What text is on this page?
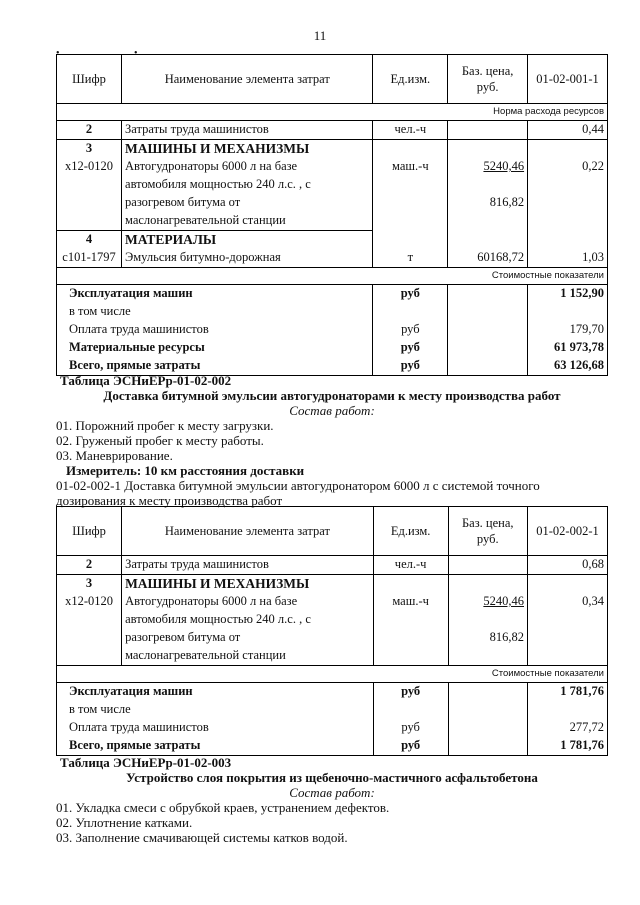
11
• •
Шифр	Наименование элемента затрат	Ед.изм.	Баз. цена, руб.	01-02-001-1
Норма расхода ресурсов				
2	Затраты труда машинистов	чел.-ч		0,44
3	МАШИНЫ И МЕХАНИЗМЫ			
х12-0120	Автогудронаторы 6000 л на базе	маш.-ч	5240,46	0,22
	автомобиля мощностью 240 л.с. , с			
	разогревом битума от		816,82	
	маслонагревательной станции			
4	МАТЕРИАЛЫ			
с101-1797	Эмульсия битумно-дорожная	т	60168,72	1,03
Стоимостные показатели				
Эксплуатация машин		руб		1 152,90
в том числе				
Оплата труда машинистов		руб		179,70
Материальные ресурсы		руб		61 973,78
Всего, прямые затраты		руб		63 126,68
Таблица ЭСНиЕРр-01-02-002
Доставка битумной эмульсии автогудронаторами к месту производства работ
Состав работ:
01. Порожний пробег к месту загрузки.
02. Груженый пробег к месту работы.
03. Маневрирование.
Измеритель: 10 км расстояния доставки
01-02-002-1 Доставка битумной эмульсии автогудронатором 6000 л с системой точного
дозирования к месту производства работ
Шифр	Наименование элемента затрат	Ед.изм.	Баз. цена, руб.	01-02-002-1
2	Затраты труда машинистов	чел.-ч		0,68
3	МАШИНЫ И МЕХАНИЗМЫ			
х12-0120	Автогудронаторы 6000 л на базе	маш.-ч	5240,46	0,34
	автомобиля мощностью 240 л.с. , с			
	разогревом битума от		816,82	
	маслонагревательной станции			
Стоимостные показатели				
Эксплуатация машин		руб		1 781,76
в том числе				
Оплата труда машинистов		руб		277,72
Всего, прямые затраты		руб		1 781,76
Таблица ЭСНиЕРр-01-02-003
Устройство слоя покрытия из щебеночно-мастичного асфальтобетона
Состав работ:
01. Укладка смеси с обрубкой краев, устранением дефектов.
02. Уплотнение катками.
03. Заполнение смачивающей системы катков водой.
